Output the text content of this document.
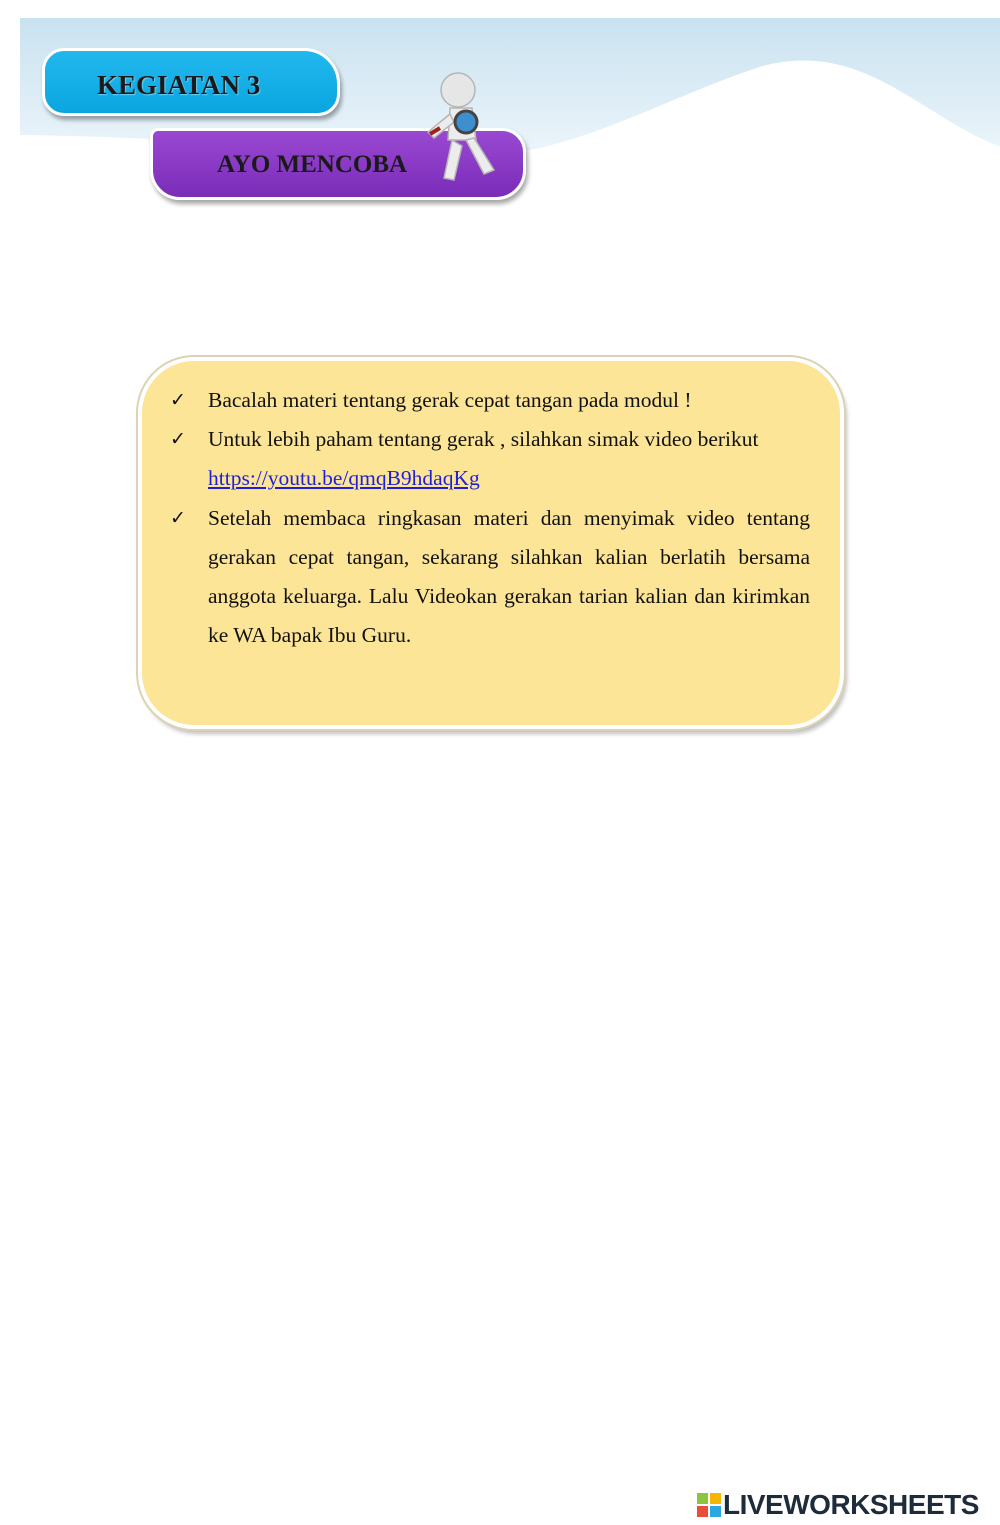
KEGIATAN 3
AYO MENCOBA
✓ Bacalah materi tentang gerak cepat tangan pada modul !
✓ Untuk lebih paham tentang gerak , silahkan simak video berikut
https://youtu.be/qmqB9hdaqKg
✓ Setelah membaca ringkasan materi dan menyimak video tentang gerakan cepat tangan, sekarang silahkan kalian berlatih bersama anggota keluarga. Lalu Videokan gerakan tarian kalian dan kirimkan ke WA bapak Ibu Guru.
LIVEWORKSHEETS
